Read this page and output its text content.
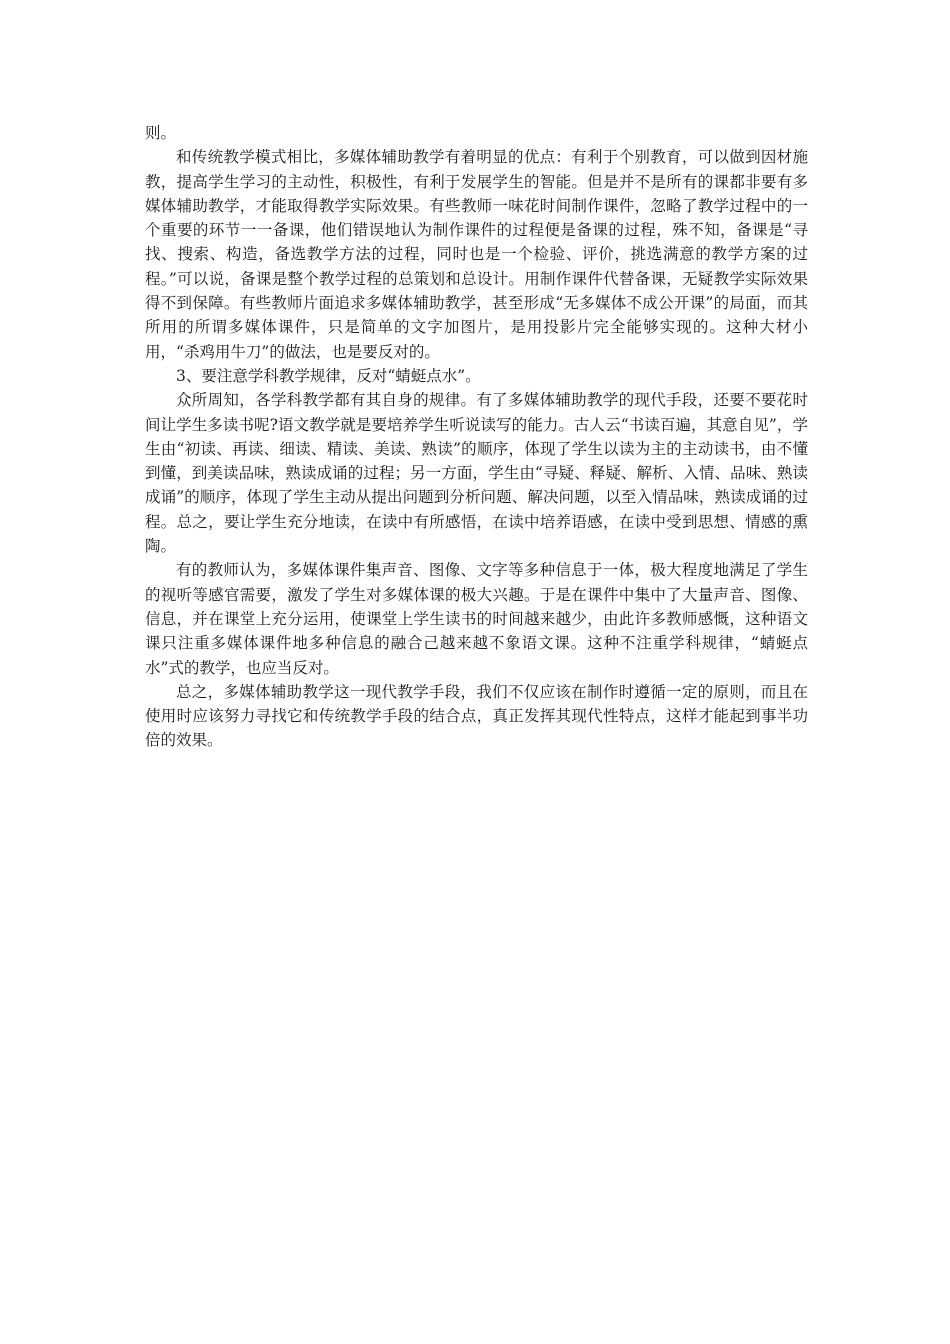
则。

和传统教学模式相比，多媒体辅助教学有着明显的优点：有利于个别教育，可以做到因材施教，提高学生学习的主动性，积极性，有利于发展学生的智能。但是并不是所有的课都非要有多媒体辅助教学，才能取得教学实际效果。有些教师一味花时间制作课件，忽略了教学过程中的一个重要的环节一一备课，他们错误地认为制作课件的过程便是备课的过程，殊不知，备课是“寻找、搜索、构造，备选教学方法的过程，同时也是一个检验、评价，挑选满意的教学方案的过程。”可以说，备课是整个教学过程的总策划和总设计。用制作课件代替备课，无疑教学实际效果得不到保障。有些教师片面追求多媒体辅助教学，甚至形成“无多媒体不成公开课”的局面，而其所用的所谓多媒体课件，只是简单的文字加图片，是用投影片完全能够实现的。这种大材小用，“杀鸡用牛刀”的做法，也是要反对的。

3、要注意学科教学规律，反对“蜻蜓点水”。

众所周知，各学科教学都有其自身的规律。有了多媒体辅助教学的现代手段，还要不要花时间让学生多读书呢?语文教学就是要培养学生听说读写的能力。古人云“书读百遍，其意自见”，学生由“初读、再读、细读、精读、美读、熟读”的顺序，体现了学生以读为主的主动读书，由不懂到懂，到美读品味，熟读成诵的过程；另一方面，学生由“寻疑、释疑、解析、入情、品味、熟读成诵”的顺序，体现了学生主动从提出问题到分析问题、解决问题，以至入情品味，熟读成诵的过程。总之，要让学生充分地读，在读中有所感悟，在读中培养语感，在读中受到思想、情感的熏陶。

有的教师认为，多媒体课件集声音、图像、文字等多种信息于一体，极大程度地满足了学生的视听等感官需要，激发了学生对多媒体课的极大兴趣。于是在课件中集中了大量声音、图像、信息，并在课堂上充分运用，使课堂上学生读书的时间越来越少，由此许多教师感慨，这种语文课只注重多媒体课件地多种信息的融合己越来越不象语文课。这种不注重学科规律，“蜻蜓点水”式的教学，也应当反对。

总之，多媒体辅助教学这一现代教学手段，我们不仅应该在制作时遵循一定的原则，而且在使用时应该努力寻找它和传统教学手段的结合点，真正发挥其现代性特点，这样才能起到事半功倍的效果。
